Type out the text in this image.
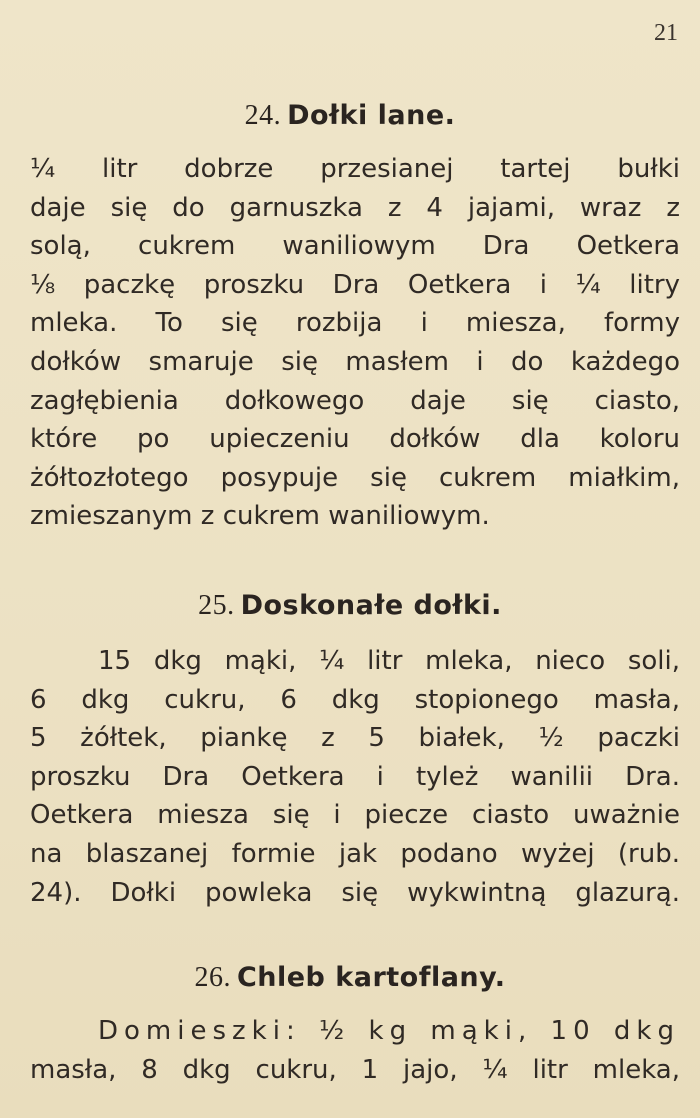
21
24. Dołki lane.

¼ litr dobrze przesianej tartej bułki
daje się do garnuszka z 4 jajami, wraz z
solą, cukrem waniliowym Dra Oetkera
⅛ paczkę proszku Dra Oetkera i ¼ litry
mleka. To się rozbija i miesza, formy
dołków smaruje się masłem i do każdego
zagłębienia dołkowego daje się ciasto,
które po upieczeniu dołków dla koloru
żółtozłotego posypuje się cukrem miałkim,
zmieszanym z cukrem waniliowym.

25. Doskonałe dołki.

15 dkg mąki, ¼ litr mleka, nieco soli,
6 dkg cukru, 6 dkg stopionego masła,
5 żółtek, piankę z 5 białek, ½ paczki
proszku Dra Oetkera i tyleż wanilii Dra.
Oetkera miesza się i piecze ciasto uważnie
na blaszanej formie jak podano wyżej (rub.
24). Dołki powleka się wykwintną glazurą.

26. Chleb kartoflany.

Domieszki: ½ kg mąki, 10 dkg
masła, 8 dkg cukru, 1 jajo, ¼ litr mleka,
